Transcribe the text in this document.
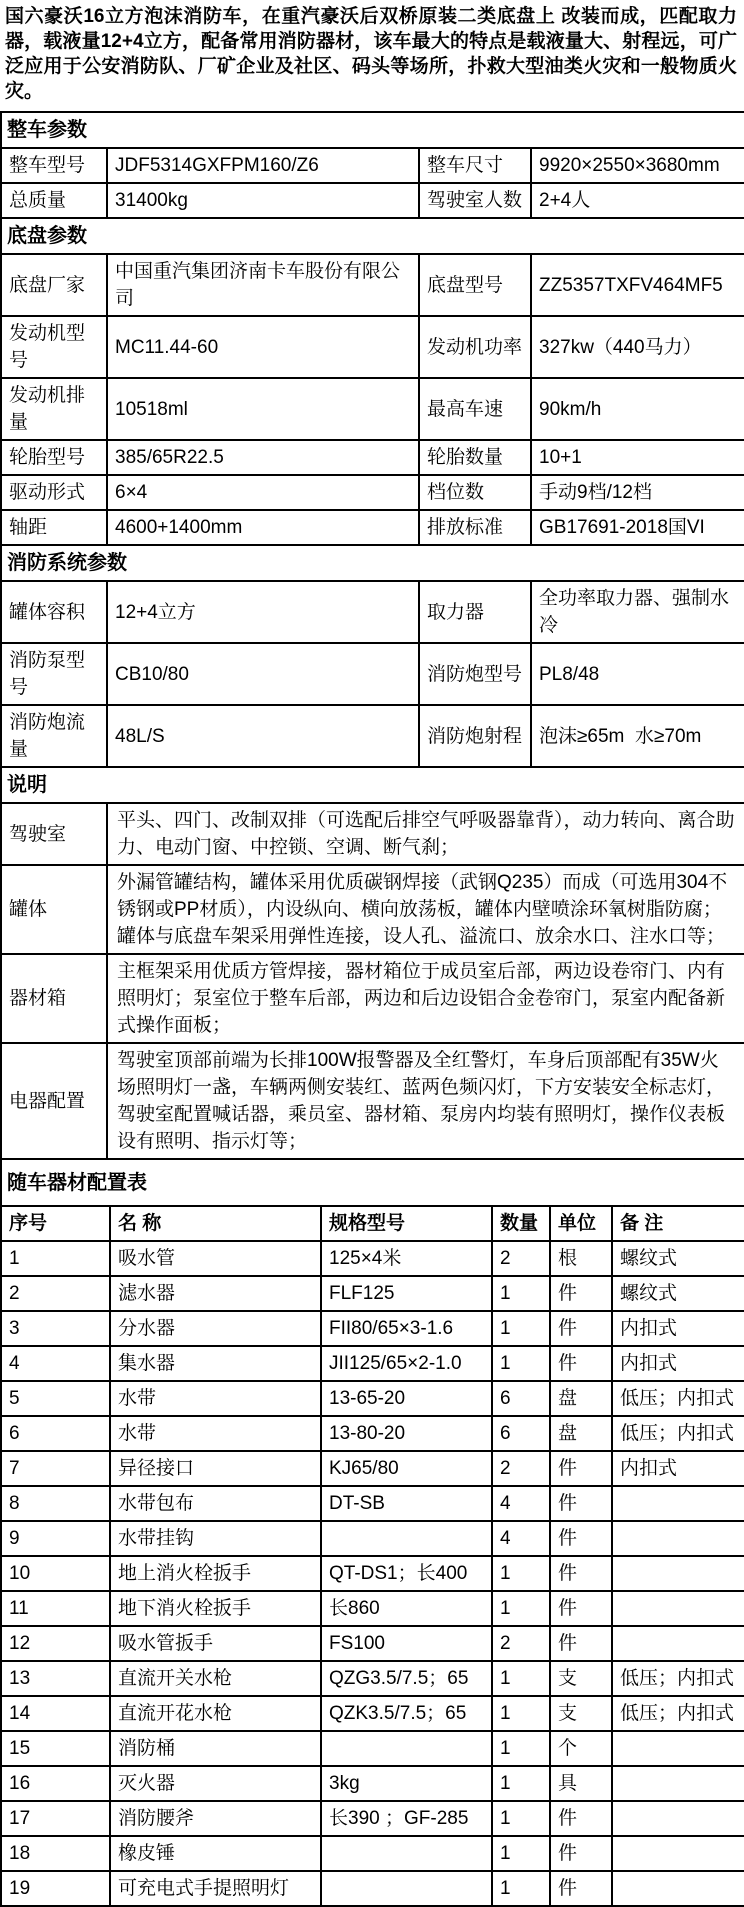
国六豪沃16立方泡沫消防车，在重汽豪沃后双桥原装二类底盘上 改装而成，匹配取力器，载液量12+4立方，配备常用消防器材，该车最大的特点是载液量大、射程远，可广泛应用于公安消防队、厂矿企业及社区、码头等场所，扑救大型油类火灾和一般物质火灾。

整车参数			
整车型号	JDF5314GXFPM160/Z6	整车尺寸	9920×2550×3680mm
总质量	31400kg	驾驶室人数	2+4人
底盘参数			
底盘厂家	中国重汽集团济南卡车股份有限公司	底盘型号	ZZ5357TXFV464MF5
发动机型号	MC11.44-60	发动机功率	327kw（440马力）
发动机排量	10518ml	最高车速	90km/h
轮胎型号	385/65R22.5	轮胎数量	10+1
驱动形式	6×4	档位数	手动9档/12档
轴距	4600+1400mm	排放标准	GB17691-2018国VI
消防系统参数			
罐体容积	12+4立方	取力器	全功率取力器、强制水冷
消防泵型号	CB10/80	消防炮型号	PL8/48
消防炮流量	48L/S	消防炮射程	泡沫≥65m  水≥70m
说明	
驾驶室	平头、四门、改制双排（可选配后排空气呼吸器靠背），动力转向、离合助力、电动门窗、中控锁、空调、断气刹；
罐体	外漏管罐结构，罐体采用优质碳钢焊接（武钢Q235）而成（可选用304不锈钢或PP材质），内设纵向、横向放荡板，罐体内壁喷涂环氧树脂防腐；罐体与底盘车架采用弹性连接，设人孔、溢流口、放余水口、注水口等；
器材箱	主框架采用优质方管焊接，器材箱位于成员室后部，两边设卷帘门、内有照明灯；泵室位于整车后部，两边和后边设铝合金卷帘门，泵室内配备新式操作面板；
电器配置	驾驶室顶部前端为长排100W报警器及全红警灯，车身后顶部配有35W火场照明灯一盏，车辆两侧安装红、蓝两色频闪灯，下方安装安全标志灯，驾驶室配置喊话器，乘员室、器材箱、泵房内均装有照明灯，操作仪表板设有照明、指示灯等；
随车器材配置表					
序号	名 称	规格型号	数量	单位	备 注
1	吸水管	125×4米	2	根	螺纹式
2	滤水器	FLF125	1	件	螺纹式
3	分水器	FII80/65×3-1.6	1	件	内扣式
4	集水器	JII125/65×2-1.0	1	件	内扣式
5	水带	13-65-20	6	盘	低压；内扣式
6	水带	13-80-20	6	盘	低压；内扣式
7	异径接口	KJ65/80	2	件	内扣式
8	水带包布	DT-SB	4	件	
9	水带挂钩		4	件	
10	地上消火栓扳手	QT-DS1；长400	1	件	
11	地下消火栓扳手	长860	1	件	
12	吸水管扳手	FS100	2	件	
13	直流开关水枪	QZG3.5/7.5；65	1	支	低压；内扣式
14	直流开花水枪	QZK3.5/7.5；65	1	支	低压；内扣式
15	消防桶		1	个	
16	灭火器	3kg	1	具	
17	消防腰斧	长390 ；GF-285	1	件	
18	橡皮锤		1	件	
19	可充电式手提照明灯		1	件	
